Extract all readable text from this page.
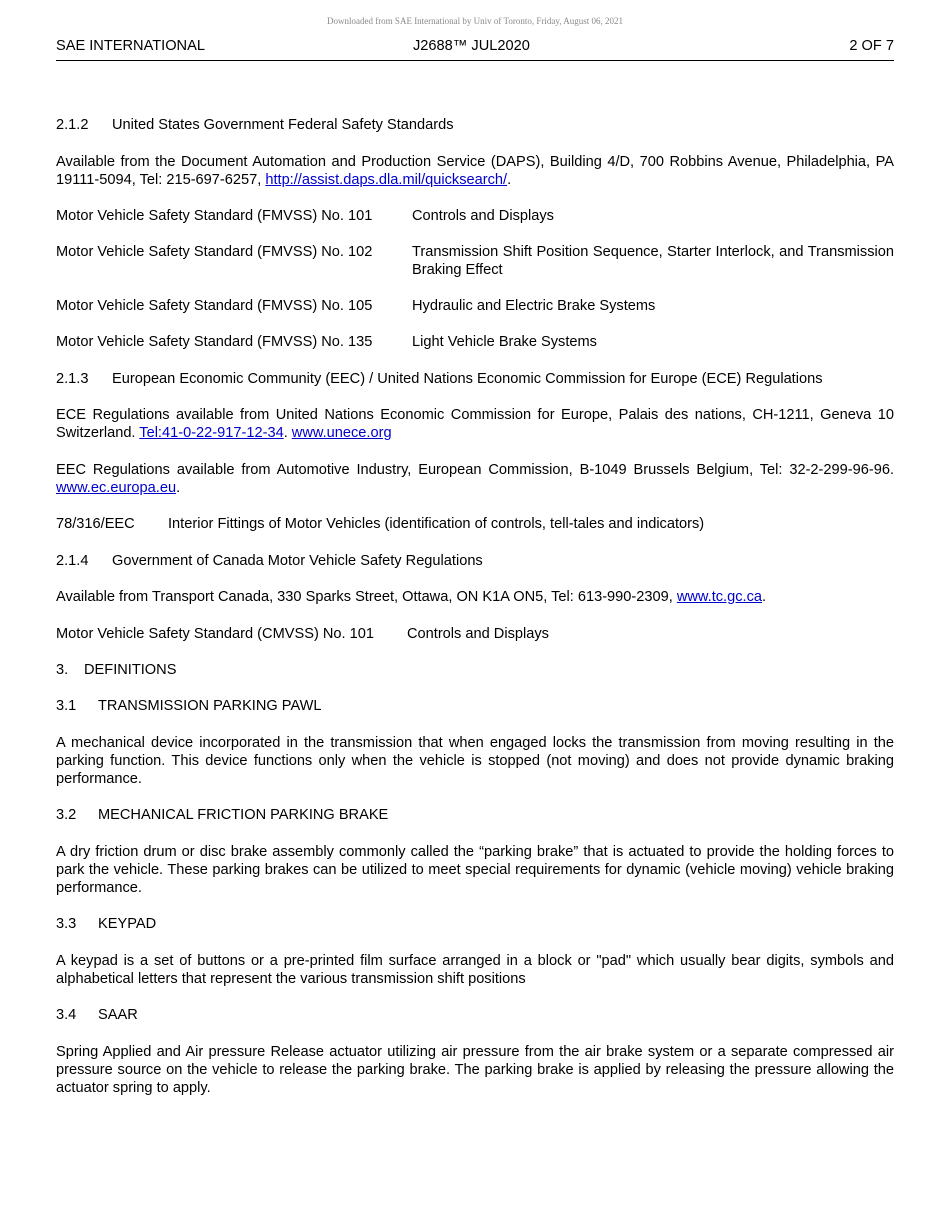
Downloaded from SAE International by Univ of Toronto, Friday, August 06, 2021
SAE INTERNATIONAL	J2688™ JUL2020	2 OF 7
2.1.2	United States Government Federal Safety Standards

Available from the Document Automation and Production Service (DAPS), Building 4/D, 700 Robbins Avenue, Philadelphia, PA 19111-5094, Tel: 215-697-6257, http://assist.daps.dla.mil/quicksearch/.

Motor Vehicle Safety Standard (FMVSS) No. 101	Controls and Displays
Motor Vehicle Safety Standard (FMVSS) No. 102	Transmission Shift Position Sequence, Starter Interlock, and Transmission Braking Effect
Motor Vehicle Safety Standard (FMVSS) No. 105	Hydraulic and Electric Brake Systems
Motor Vehicle Safety Standard (FMVSS) No. 135	Light Vehicle Brake Systems
2.1.3	European Economic Community (EEC) / United Nations Economic Commission for Europe (ECE) Regulations

ECE Regulations available from United Nations Economic Commission for Europe, Palais des nations, CH-1211, Geneva 10 Switzerland. Tel:41-0-22-917-12-34. www.unece.org

EEC Regulations available from Automotive Industry, European Commission, B-1049 Brussels Belgium, Tel: 32-2-299-96-96. www.ec.europa.eu.

78/316/EEC	Interior Fittings of Motor Vehicles (identification of controls, tell-tales and indicators)
2.1.4	Government of Canada Motor Vehicle Safety Regulations

Available from Transport Canada, 330 Sparks Street, Ottawa, ON K1A ON5, Tel: 613-990-2309, www.tc.gc.ca.

Motor Vehicle Safety Standard (CMVSS) No. 101	Controls and Displays
3.	DEFINITIONS
3.1	TRANSMISSION PARKING PAWL

A mechanical device incorporated in the transmission that when engaged locks the transmission from moving resulting in the parking function. This device functions only when the vehicle is stopped (not moving) and does not provide dynamic braking performance.

3.2	MECHANICAL FRICTION PARKING BRAKE

A dry friction drum or disc brake assembly commonly called the “parking brake” that is actuated to provide the holding forces to park the vehicle. These parking brakes can be utilized to meet special requirements for dynamic (vehicle moving) vehicle braking performance.

3.3	KEYPAD

A keypad is a set of buttons or a pre-printed film surface arranged in a block or "pad" which usually bear digits, symbols and alphabetical letters that represent the various transmission shift positions

3.4	SAAR

Spring Applied and Air pressure Release actuator utilizing air pressure from the air brake system or a separate compressed air pressure source on the vehicle to release the parking brake. The parking brake is applied by releasing the pressure allowing the actuator spring to apply.
